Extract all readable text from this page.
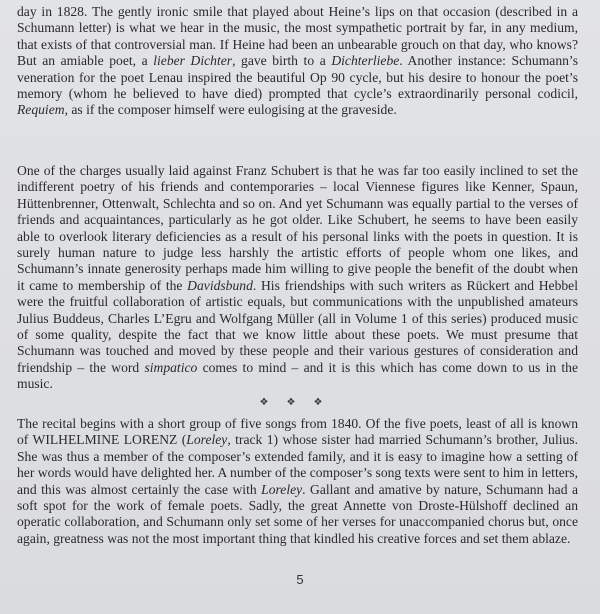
day in 1828. The gently ironic smile that played about Heine’s lips on that occasion (described in a Schumann letter) is what we hear in the music, the most sympathetic portrait by far, in any medium, that exists of that controversial man. If Heine had been an unbearable grouch on that day, who knows? But an amiable poet, a lieber Dichter, gave birth to a Dichterliebe. Another instance: Schumann’s veneration for the poet Lenau inspired the beautiful Op 90 cycle, but his desire to honour the poet’s memory (whom he believed to have died) prompted that cycle’s extraordinarily personal codicil, Requiem, as if the composer himself were eulogising at the graveside.
One of the charges usually laid against Franz Schubert is that he was far too easily inclined to set the indifferent poetry of his friends and contemporaries – local Viennese figures like Kenner, Spaun, Hüttenbrenner, Ottenwalt, Schlechta and so on. And yet Schumann was equally partial to the verses of friends and acquaintances, particularly as he got older. Like Schubert, he seems to have been easily able to overlook literary deficiencies as a result of his personal links with the poets in question. It is surely human nature to judge less harshly the artistic efforts of people whom one likes, and Schumann’s innate generosity perhaps made him willing to give people the benefit of the doubt when it came to membership of the Davidsbund. His friendships with such writers as Rückert and Hebbel were the fruitful collaboration of artistic equals, but communications with the unpublished amateurs Julius Buddeus, Charles L’Egru and Wolfgang Müller (all in Volume 1 of this series) produced music of some quality, despite the fact that we know little about these poets. We must presume that Schumann was touched and moved by these people and their various gestures of consideration and friendship – the word simpatico comes to mind – and it is this which has come down to us in the music.
❖❖❖
The recital begins with a short group of five songs from 1840. Of the five poets, least of all is known of WILHELMINE LORENZ (Loreley, track 1) whose sister had married Schumann’s brother, Julius. She was thus a member of the composer’s extended family, and it is easy to imagine how a setting of her words would have delighted her. A number of the composer’s song texts were sent to him in letters, and this was almost certainly the case with Loreley. Gallant and amative by nature, Schumann had a soft spot for the work of female poets. Sadly, the great Annette von Droste-Hülshoff declined an operatic collaboration, and Schumann only set some of her verses for unaccompanied chorus but, once again, greatness was not the most important thing that kindled his creative forces and set them ablaze.
5
